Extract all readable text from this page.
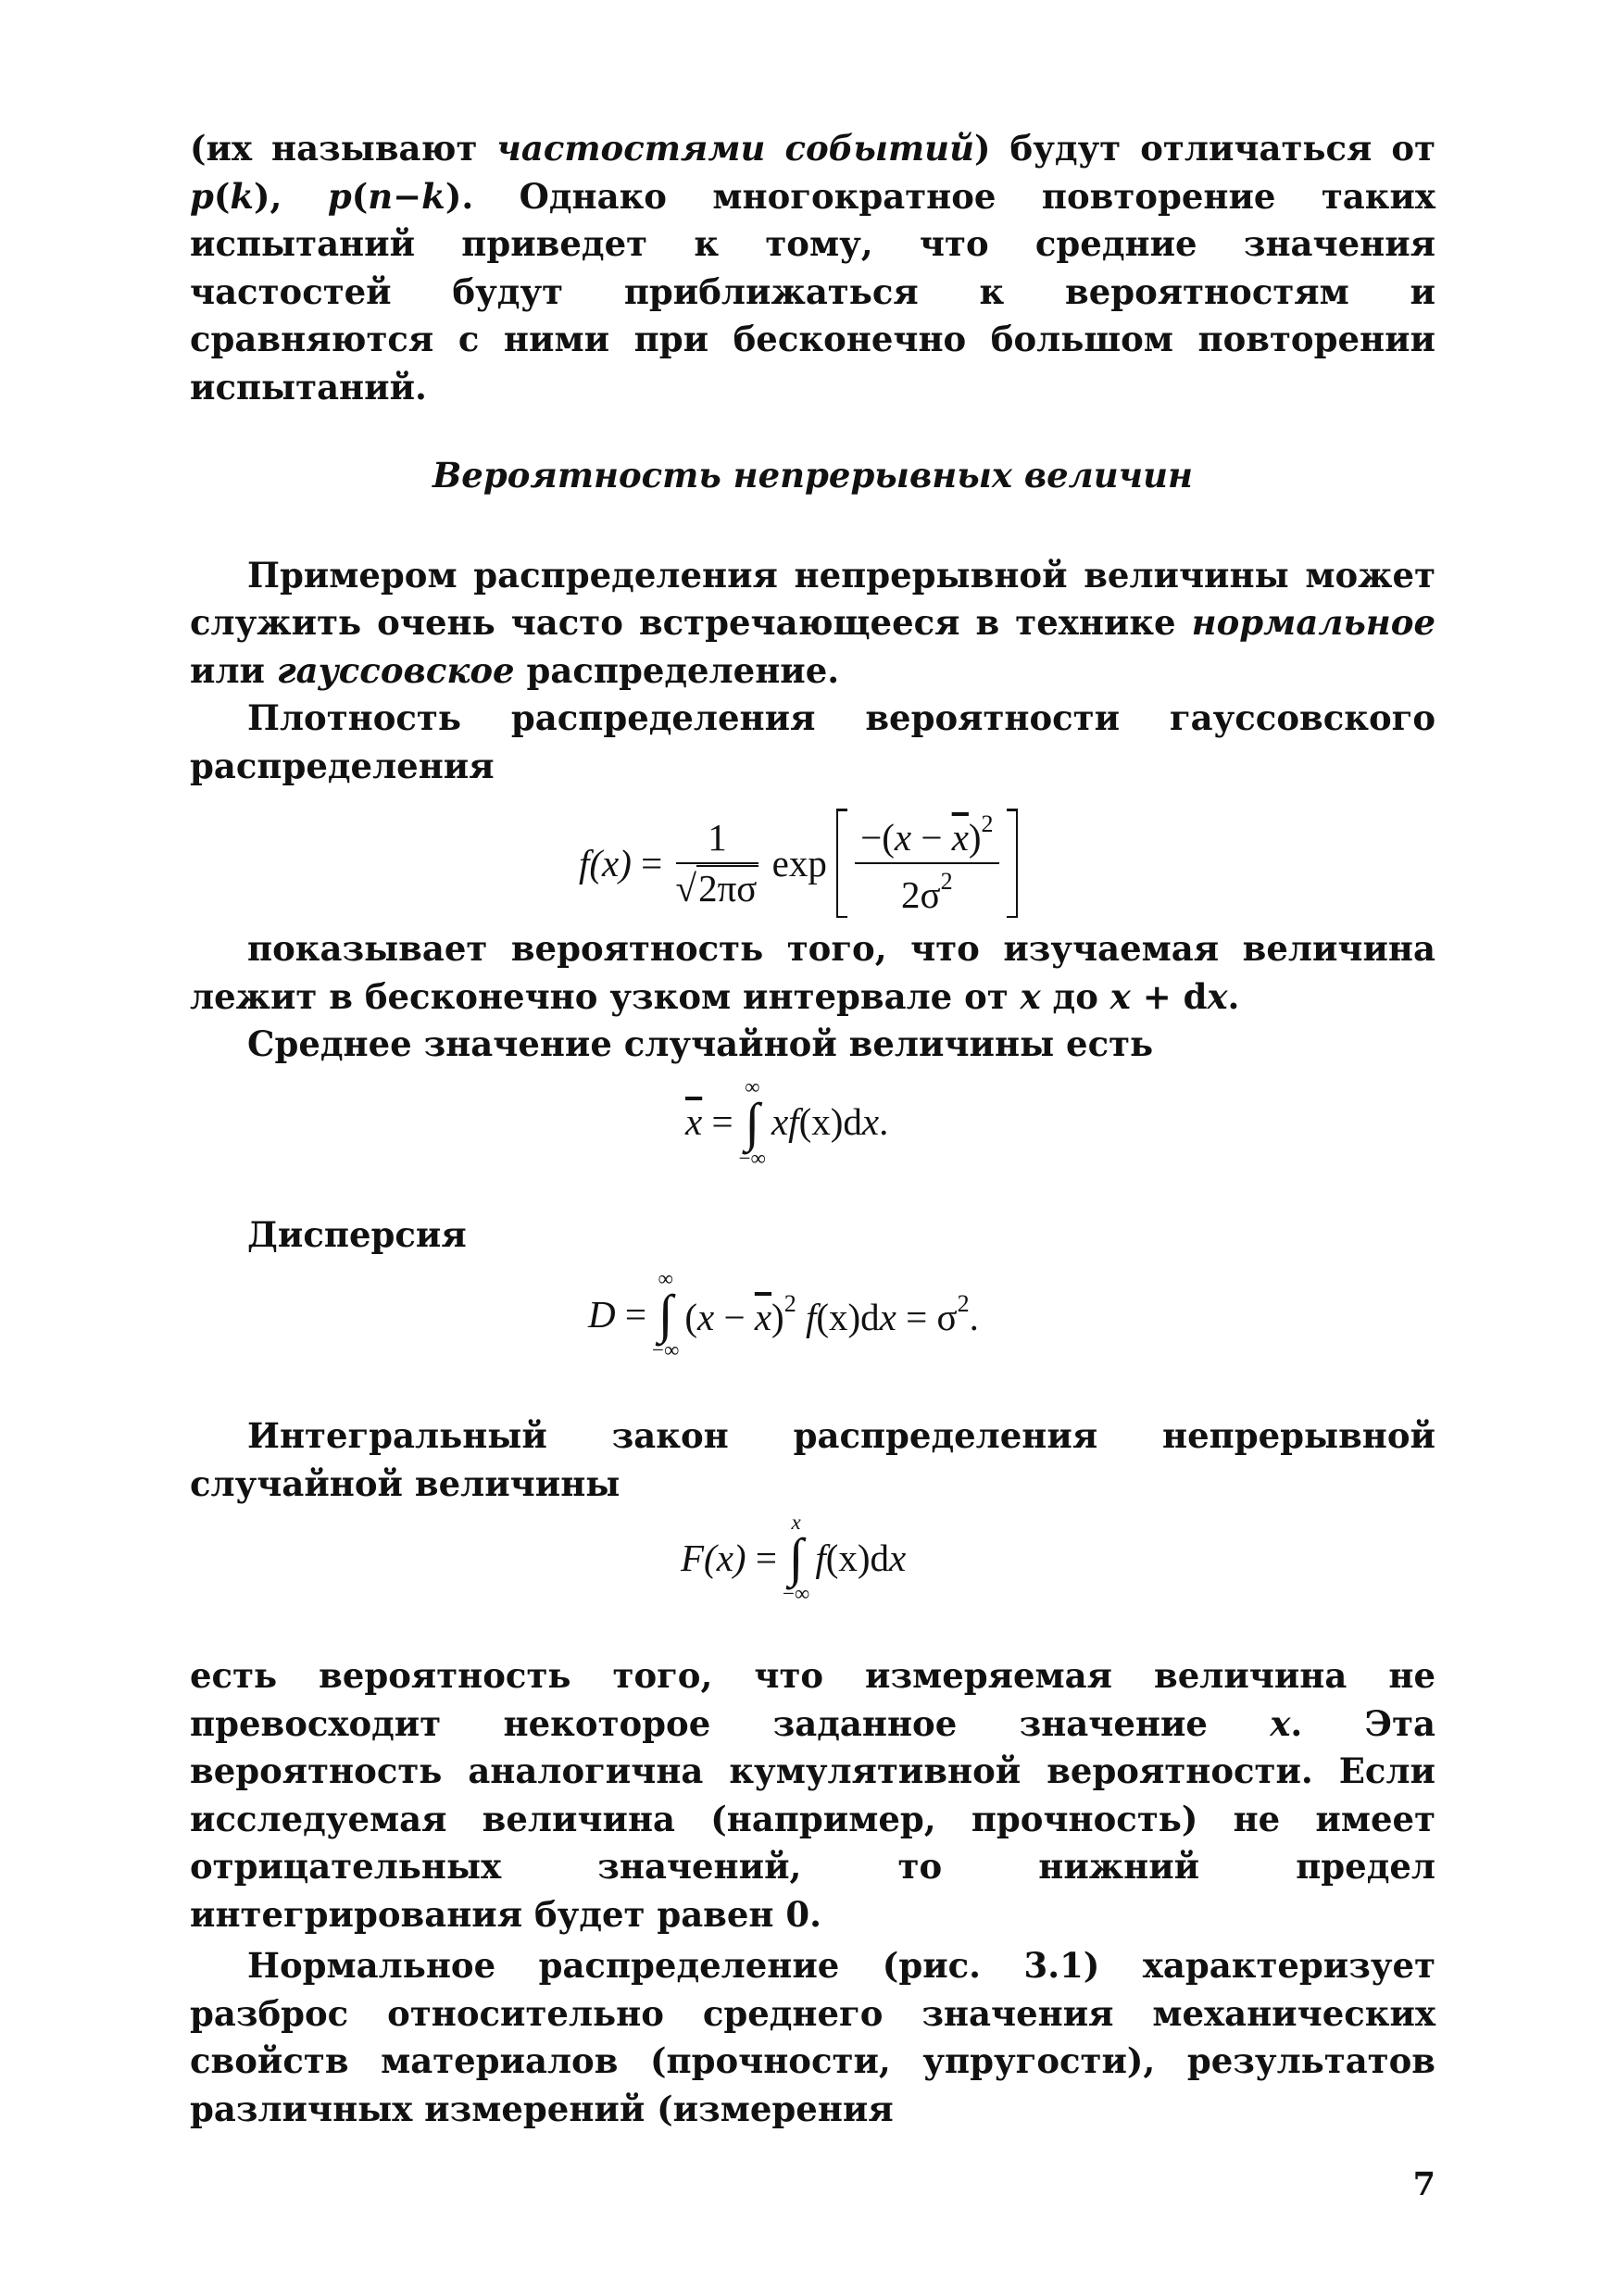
(их называют частостями событий) будут отличаться от p(k), p(n−k). Однако многократное повторение таких испытаний приведет к тому, что средние значения частостей будут приближаться к вероятностям и сравняются с ними при бесконечно большом повторении испытаний.

Вероятность непрерывных величин

Примером распределения непрерывной величины может служить очень часто встречающееся в технике нормальное или гауссовское распределение.

Плотность распределения вероятности гауссовского распределения

$f(x) = \frac{1}{√2\pi\sigma}$ $\exp \frac{-(x - \overline{x})^2}{2\sigma^2}$

показывает вероятность того, что изучаемая величина лежит в бесконечно узком интервале от x до x + dx.

Среднее значение случайной величины есть

$\overline{x}$ =
∞
∫
−∞
xf(x)dx.

Дисперсия

D =
∞
∫
−∞
$(x - \overline{x})^2$ $f(x)dx = \sigma^2$.

Интегральный закон распределения непрерывной случайной величины

F(x) =
x
∫
−∞
f(x)dx

есть вероятность того, что измеряемая величина не превосходит некоторое заданное значение x. Эта вероятность аналогична кумулятивной вероятности. Если исследуемая величина (например, прочность) не имеет отрицательных значений, то нижний предел интегрирования будет равен 0.

Нормальное распределение (рис. 3.1) характеризует разброс относительно среднего значения механических свойств материалов (прочности, упругости), результатов различных измерений (измерения

7
